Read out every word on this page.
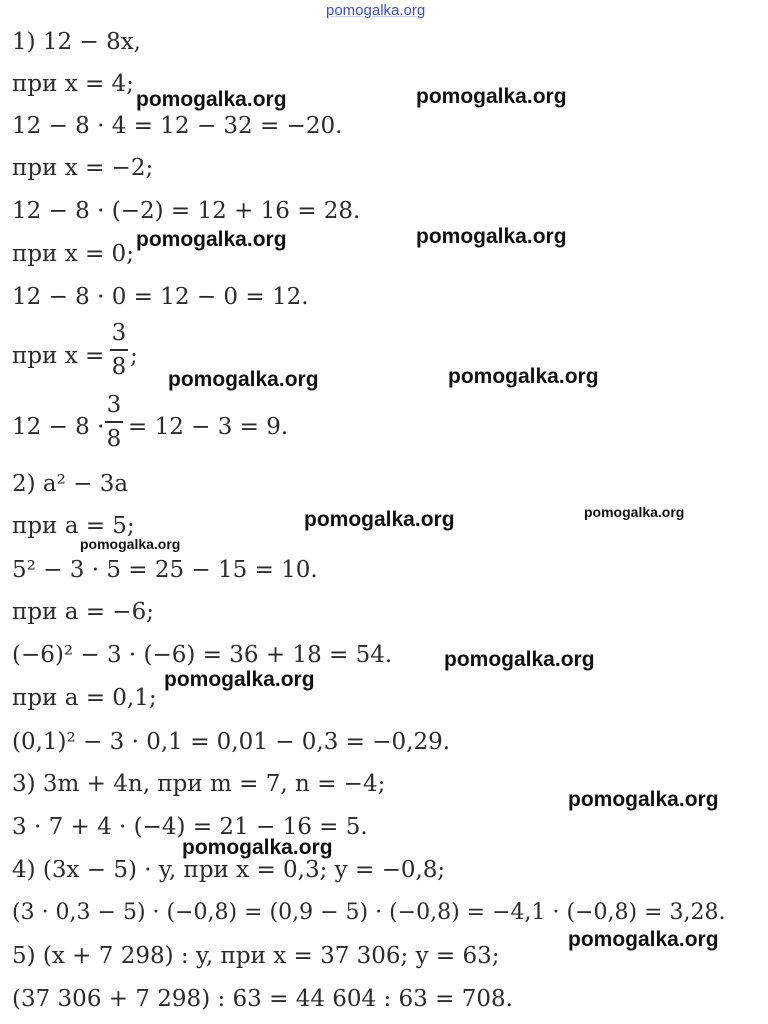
pomogalka.org
1) 12 − 8x,
при x = 4;
12 − 8 · 4 = 12 − 32 = −20.
при x = −2;
12 − 8 · (−2) = 12 + 16 = 28.
при x = 0;
12 − 8 · 0 = 12 − 0 = 12.
при x =
3
8 ;
12 − 8 ·
3
8 = 12 − 3 = 9.
2) a² − 3a
при a = 5;
5² − 3 · 5 = 25 − 15 = 10.
при a = −6;
(−6)² − 3 · (−6) = 36 + 18 = 54.
при a = 0,1;
(0,1)² − 3 · 0,1 = 0,01 − 0,3 = −0,29.
3) 3m + 4n, при m = 7, n = −4;
3 · 7 + 4 · (−4) = 21 − 16 = 5.
4) (3x − 5) · y, при x = 0,3; y = −0,8;
(3 · 0,3 − 5) · (−0,8) = (0,9 − 5) · (−0,8) = −4,1 · (−0,8) = 3,28.
5) (x + 7 298) : y, при x = 37 306; y = 63;
(37 306 + 7 298) : 63 = 44 604 : 63 = 708.
pomogalka.org	pomogalka.org
pomogalka.org	pomogalka.org
pomogalka.org	pomogalka.org
pomogalka.org	pomogalka.org
pomogalka.org
pomogalka.org
pomogalka.org
pomogalka.org
pomogalka.org
pomogalka.org
